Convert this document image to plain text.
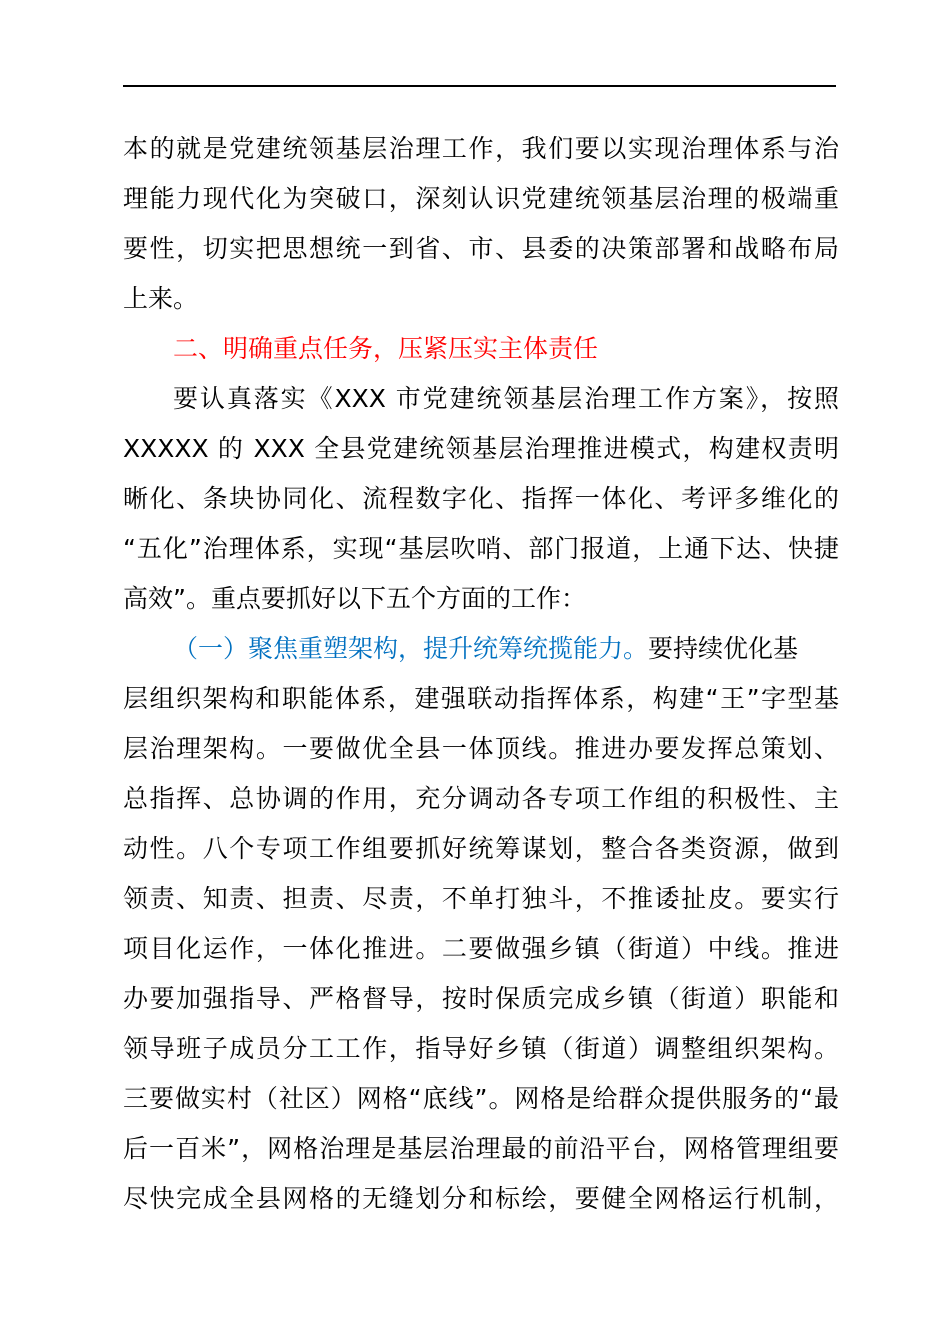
本的就是党建统领基层治理工作，我们要以实现治理体系与治
理能力现代化为突破口，深刻认识党建统领基层治理的极端重
要性，切实把思想统一到省、市、县委的决策部署和战略布局
上来。
二、明确重点任务，压紧压实主体责任
要认真落实《XXX 市党建统领基层治理工作方案》，按照
XXXXX 的 XXX 全县党建统领基层治理推进模式，构建权责明
晰化、条块协同化、流程数字化、指挥一体化、考评多维化的
“五化”治理体系，实现“基层吹哨、部门报道，上通下达、快捷
高效”。重点要抓好以下五个方面的工作：
（一）聚焦重塑架构，提升统筹统揽能力。要持续优化基
层组织架构和职能体系，建强联动指挥体系，构建“王”字型基
层治理架构。一要做优全县一体顶线。推进办要发挥总策划、
总指挥、总协调的作用，充分调动各专项工作组的积极性、主
动性。八个专项工作组要抓好统筹谋划，整合各类资源，做到
领责、知责、担责、尽责，不单打独斗，不推诿扯皮。要实行
项目化运作，一体化推进。二要做强乡镇（街道）中线。推进
办要加强指导、严格督导，按时保质完成乡镇（街道）职能和
领导班子成员分工工作，指导好乡镇（街道）调整组织架构。
三要做实村（社区）网格“底线”。网格是给群众提供服务的“最
后一百米”，网格治理是基层治理最的前沿平台，网格管理组要
尽快完成全县网格的无缝划分和标绘，要健全网格运行机制，
